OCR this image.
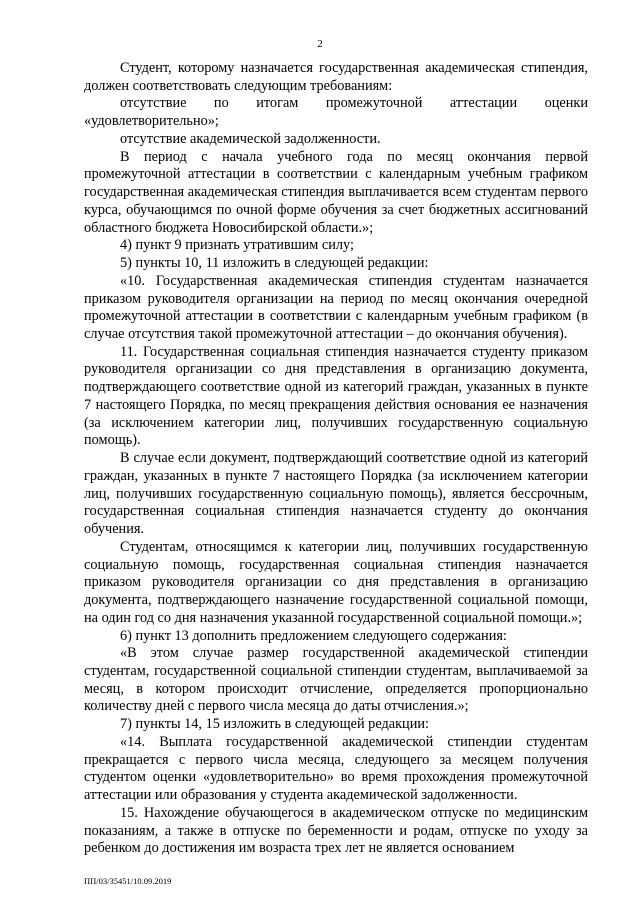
2

Студент, которому назначается государственная академическая стипендия, должен соответствовать следующим требованиям:

отсутствие по итогам промежуточной аттестации оценки «удовлетворительно»;

отсутствие академической задолженности.

В период с начала учебного года по месяц окончания первой промежуточной аттестации в соответствии с календарным учебным графиком государственная академическая стипендия выплачивается всем студентам первого курса, обучающимся по очной форме обучения за счет бюджетных ассигнований областного бюджета Новосибирской области.»;

4) пункт 9 признать утратившим силу;

5) пункты 10, 11 изложить в следующей редакции:

«10. Государственная академическая стипендия студентам назначается приказом руководителя организации на период по месяц окончания очередной промежуточной аттестации в соответствии с календарным учебным графиком (в случае отсутствия такой промежуточной аттестации – до окончания обучения).

11. Государственная социальная стипендия назначается студенту приказом руководителя организации со дня представления в организацию документа, подтверждающего соответствие одной из категорий граждан, указанных в пункте 7 настоящего Порядка, по месяц прекращения действия основания ее назначения (за исключением категории лиц, получивших государственную социальную помощь).

В случае если документ, подтверждающий соответствие одной из категорий граждан, указанных в пункте 7 настоящего Порядка (за исключением категории лиц, получивших государственную социальную помощь), является бессрочным, государственная социальная стипендия назначается студенту до окончания обучения.

Студентам, относящимся к категории лиц, получивших государственную социальную помощь, государственная социальная стипендия назначается приказом руководителя организации со дня представления в организацию документа, подтверждающего назначение государственной социальной помощи, на один год со дня назначения указанной государственной социальной помощи.»;

6) пункт 13 дополнить предложением следующего содержания:

«В этом случае размер государственной академической стипендии студентам, государственной социальной стипендии студентам, выплачиваемой за месяц, в котором происходит отчисление, определяется пропорционально количеству дней с первого числа месяца до даты отчисления.»;

7) пункты 14, 15 изложить в следующей редакции:

«14. Выплата государственной академической стипендии студентам прекращается с первого числа месяца, следующего за месяцем получения студентом оценки «удовлетворительно» во время прохождения промежуточной аттестации или образования у студента академической задолженности.

15. Нахождение обучающегося в академическом отпуске по медицинским показаниям, а также в отпуске по беременности и родам, отпуске по уходу за ребенком до достижения им возраста трех лет не является основанием

ПП/03/35451/10.09.2019
